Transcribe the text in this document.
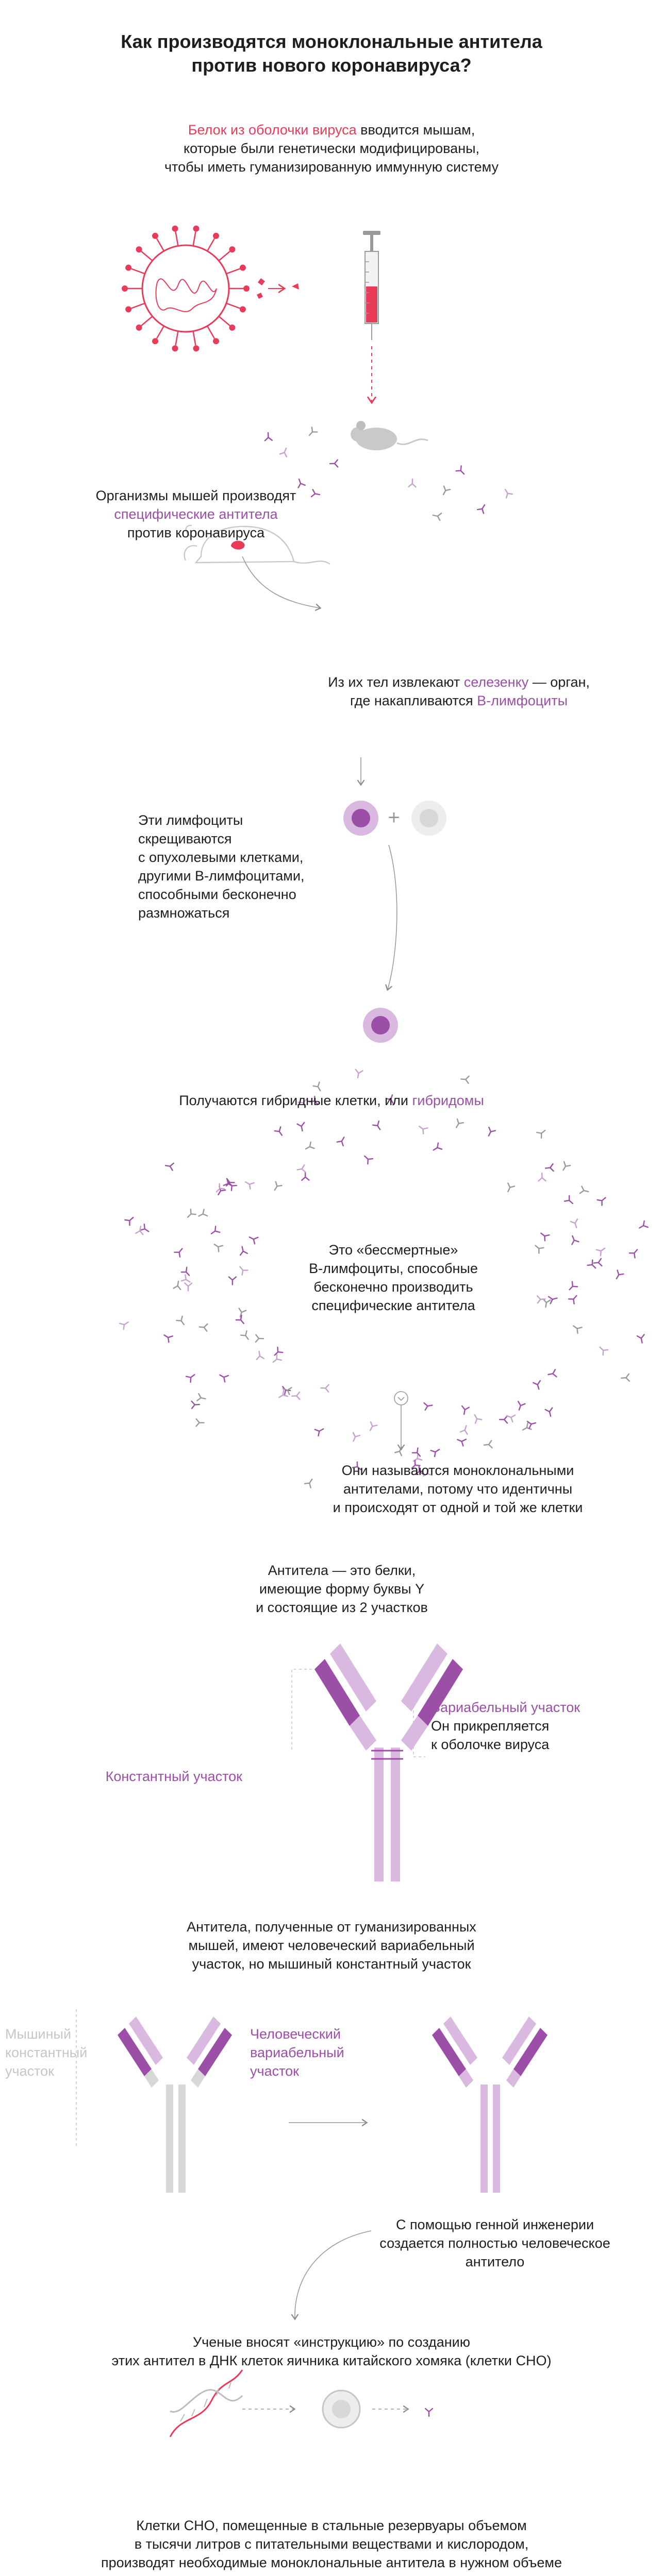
+
Как производятся моноклональные антитела
против нового коронавируса?
Белок из оболочки вируса вводится мышам,
которые были генетически модифицированы,
чтобы иметь гуманизированную иммунную систему
Организмы мышей производят
специфические антитела
против коронавируса
Из их тел извлекают селезенку — орган,
где накапливаются В-лимфоциты
Эти лимфоциты
скрещиваются
с опухолевыми клетками,
другими В-лимфоцитами,
способными бесконечно
размножаться
Получаются гибридные клетки, или гибридомы
Это «бессмертные»
В-лимфоциты, способные
бесконечно производить
специфические антитела
Они называются моноклональными
антителами, потому что идентичны
и происходят от одной и той же клетки
Антитела — это белки,
имеющие форму буквы Y
и состоящие из 2 участков
Вариабельный участок
Он прикрепляется
к оболочке вируса
Константный участок
Антитела, полученные от гуманизированных
мышей, имеют человеческий вариабельный
участок, но мышиный константный участок
Мышиный
константный
участок
Человеческий
вариабельный
участок
С помощью генной инженерии
создается полностью человеческое
антитело
Ученые вносят «инструкцию» по созданию
этих антител в ДНК клеток яичника китайского хомяка (клетки CHO)
Клетки CHO, помещенные в стальные резервуары объемом
в тысячи литров с питательными веществами и кислородом,
производят необходимые моноклональные антитела в нужном объеме
